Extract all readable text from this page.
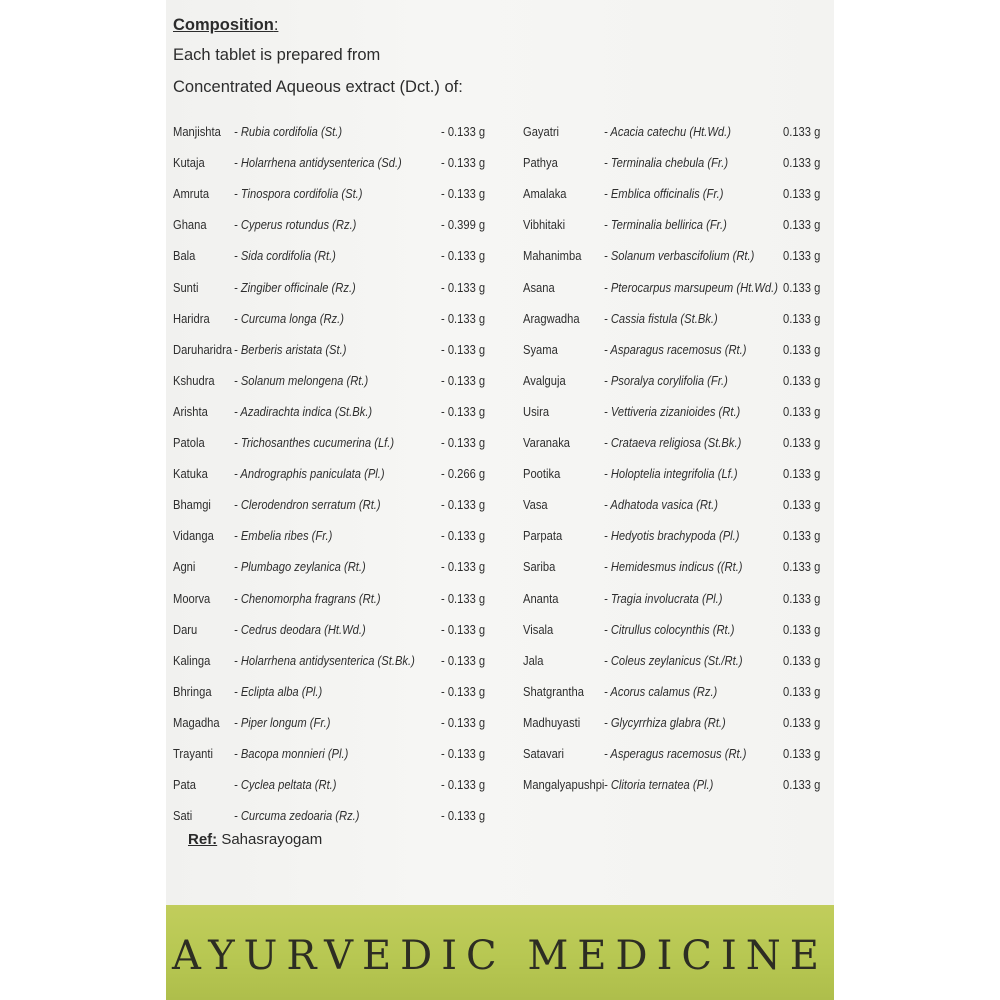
Composition:
Each tablet is prepared from
Concentrated Aqueous extract (Dct.) of:
Manjishta - Rubia cordifolia (St.)	- 0.133 g
Kutaja - Holarrhena antidysenterica (Sd.)	- 0.133 g
Amruta - Tinospora cordifolia (St.)	- 0.133 g
Ghana - Cyperus rotundus (Rz.)	- 0.399 g
Bala	- Sida cordifolia (Rt.)	- 0.133 g
Sunti	- Zingiber officinale (Rz.)	- 0.133 g
Haridra - Curcuma longa (Rz.)	- 0.133 g
Daruharidra - Berberis aristata (St.)	- 0.133 g
Kshudra - Solanum melongena (Rt.)	- 0.133 g
Arishta - Azadirachta indica (St.Bk.)	- 0.133 g
Patola - Trichosanthes cucumerina (Lf.)	- 0.133 g
Katuka - Andrographis paniculata (Pl.)	- 0.266 g
Bhamgi - Clerodendron serratum (Rt.)	- 0.133 g
Vidanga - Embelia ribes (Fr.)	- 0.133 g
Agni	- Plumbago zeylanica (Rt.)	- 0.133 g
Moorva - Chenomorpha fragrans (Rt.)	- 0.133 g
Daru	- Cedrus deodara (Ht.Wd.)	- 0.133 g
Kalinga - Holarrhena antidysenterica (St.Bk.) - 0.133 g
Bhringa - Eclipta alba (Pl.)	- 0.133 g
Magadha - Piper longum (Fr.)	- 0.133 g
Trayanti - Bacopa monnieri (Pl.)	- 0.133 g
Pata	- Cyclea peltata (Rt.)	- 0.133 g
Sati	- Curcuma zedoaria (Rz.)	- 0.133 g
Gayatri	- Acacia catechu (Ht.Wd.)	0.133 g
Pathya	- Terminalia chebula (Fr.)	0.133 g
Amalaka	- Emblica officinalis (Fr.)	0.133 g
Vibhitaki	- Terminalia bellirica (Fr.)	0.133 g
Mahanimba - Solanum verbascifolium (Rt.) 0.133 g
Asana	- Pterocarpus marsupeum (Ht.Wd.) 0.133 g
Aragwadha - Cassia fistula (St.Bk.)	0.133 g
Syama	- Asparagus racemosus (Rt.)	0.133 g
Avalguja	- Psoralya corylifolia (Fr.)	0.133 g
Usira	- Vettiveria zizanioides (Rt.)	0.133 g
Varanaka	- Crataeva religiosa (St.Bk.)	0.133 g
Pootika	- Holoptelia integrifolia (Lf.)	0.133 g
Vasa	- Adhatoda vasica (Rt.)	0.133 g
Parpata	- Hedyotis brachypoda (Pl.)	0.133 g
Sariba	- Hemidesmus indicus ((Rt.)	0.133 g
Ananta	- Tragia involucrata (Pl.)	0.133 g
Visala	- Citrullus colocynthis (Rt.)	0.133 g
Jala	- Coleus zeylanicus (St./Rt.)	0.133 g
Shatgrantha - Acorus calamus (Rz.)	0.133 g
Madhuyasti - Glycyrrhiza glabra (Rt.)	0.133 g
Satavari	- Asperagus racemosus (Rt.)	0.133 g
Mangalyapushpi - Clitoria ternatea (Pl.)	0.133 g
Ref: Sahasrayogam
AYURVEDIC MEDICINE
